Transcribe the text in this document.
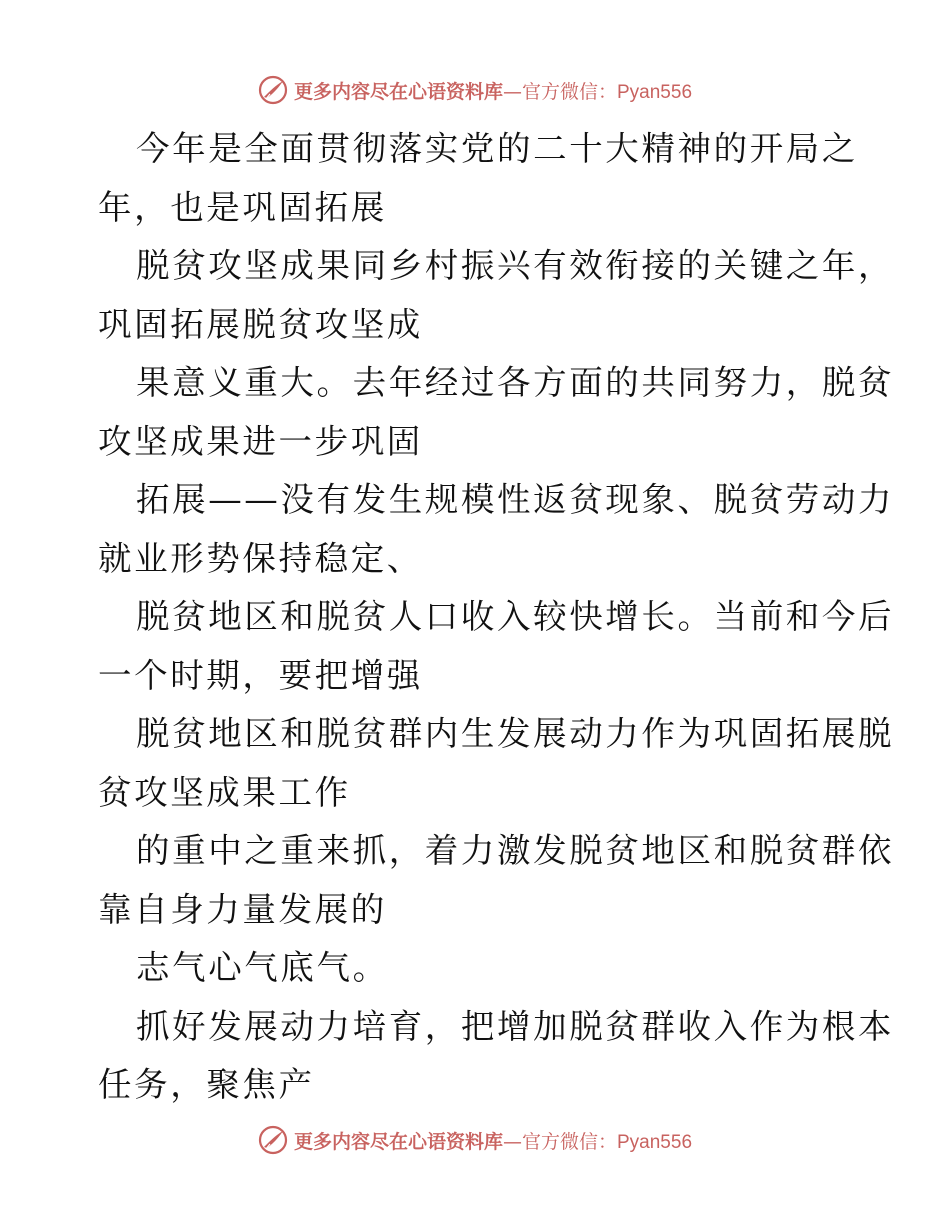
更多内容尽在心语资料库—官方微信：Pyan556
今年是全面贯彻落实党的二十大精神的开局之
年，也是巩固拓展
脱贫攻坚成果同乡村振兴有效衔接的关键之年，
巩固拓展脱贫攻坚成
果意义重大。去年经过各方面的共同努力，脱贫
攻坚成果进一步巩固
拓展——没有发生规模性返贫现象、脱贫劳动力
就业形势保持稳定、
脱贫地区和脱贫人口收入较快增长。当前和今后
一个时期，要把增强
脱贫地区和脱贫群内生发展动力作为巩固拓展脱
贫攻坚成果工作
的重中之重来抓，着力激发脱贫地区和脱贫群依
靠自身力量发展的
志气心气底气。
抓好发展动力培育，把增加脱贫群收入作为根本
任务，聚焦产
更多内容尽在心语资料库—官方微信：Pyan556
